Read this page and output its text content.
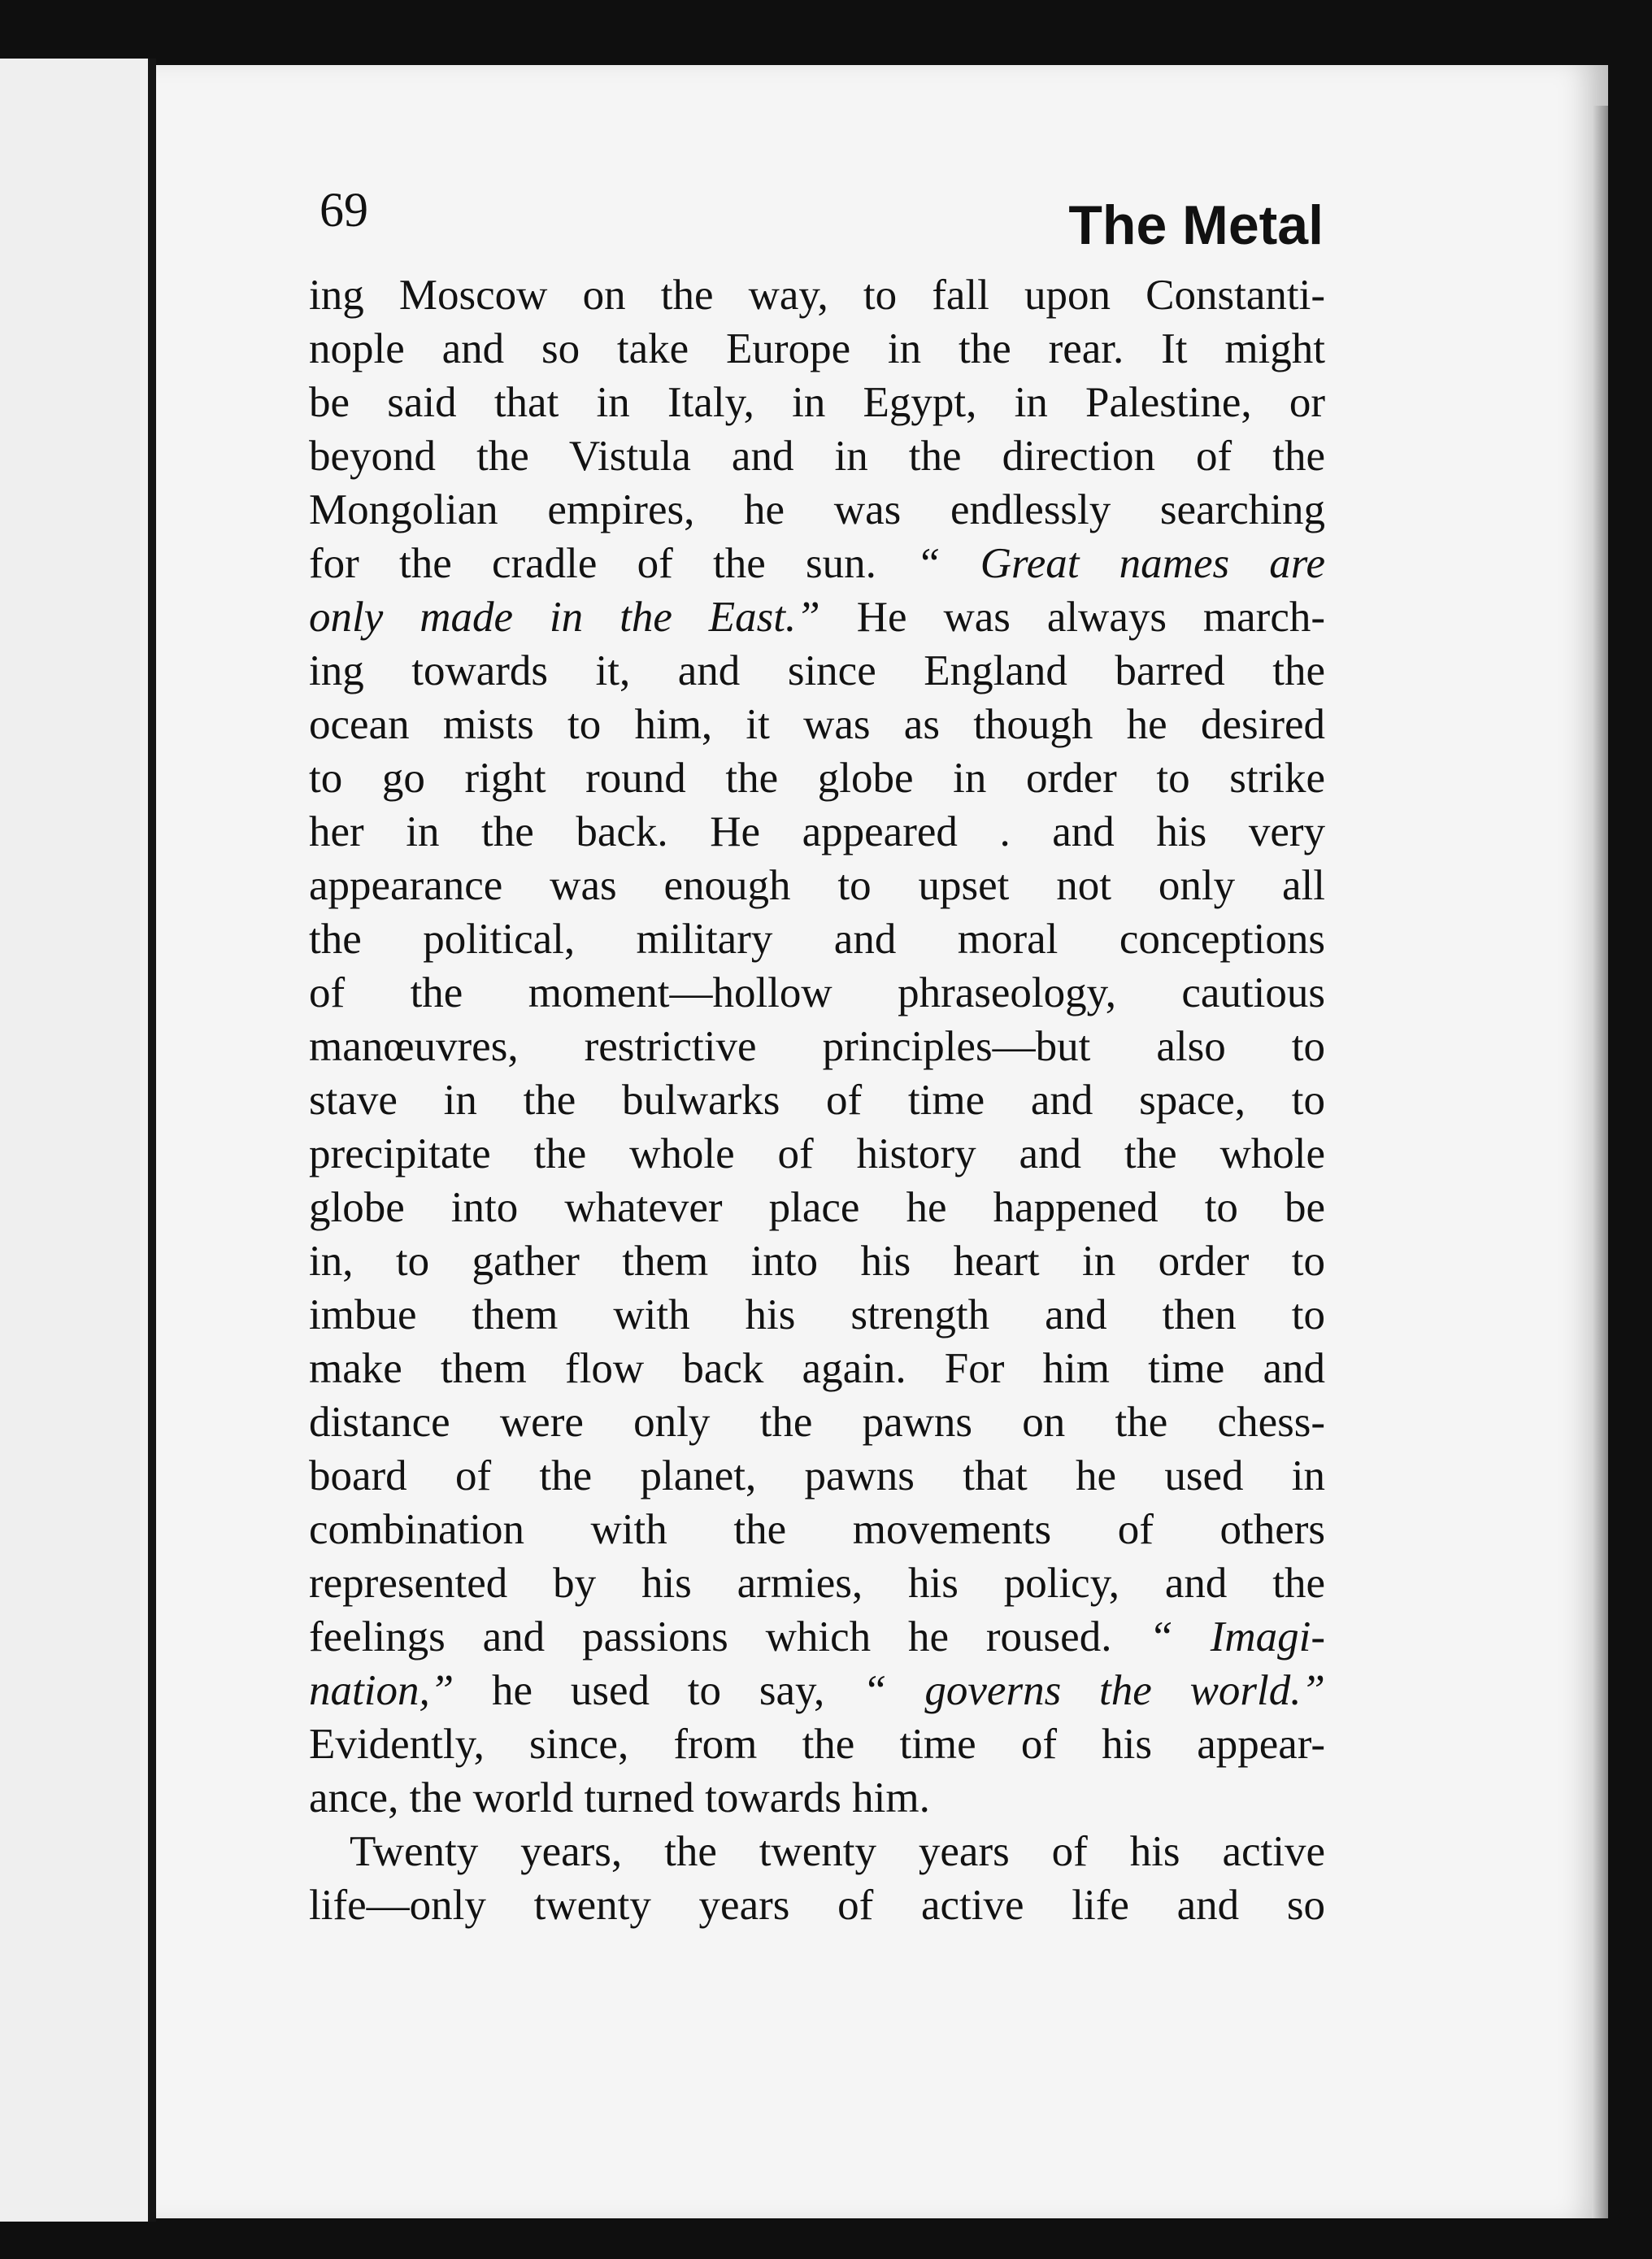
69	The Metal
ing Moscow on the way, to fall upon Constanti-
nople and so take Europe in the rear. It might
be said that in Italy, in Egypt, in Palestine, or
beyond the Vistula and in the direction of the
Mongolian empires, he was endlessly searching
for the cradle of the sun. “ Great names are
only made in the East.” He was always march-
ing towards it, and since England barred the
ocean mists to him, it was as though he desired
to go right round the globe in order to strike
her in the back. He appeared . and his very
appearance was enough to upset not only all
the political, military and moral conceptions
of the moment—hollow phraseology, cautious
manœuvres, restrictive principles—but also to
stave in the bulwarks of time and space, to
precipitate the whole of history and the whole
globe into whatever place he happened to be
in, to gather them into his heart in order to
imbue them with his strength and then to
make them flow back again. For him time and
distance were only the pawns on the chess-
board of the planet, pawns that he used in
combination with the movements of others
represented by his armies, his policy, and the
feelings and passions which he roused. “ Imagi-
nation,” he used to say, “ governs the world.”
Evidently, since, from the time of his appear-
ance, the world turned towards him.
Twenty years, the twenty years of his active
life—only twenty years of active life and so
